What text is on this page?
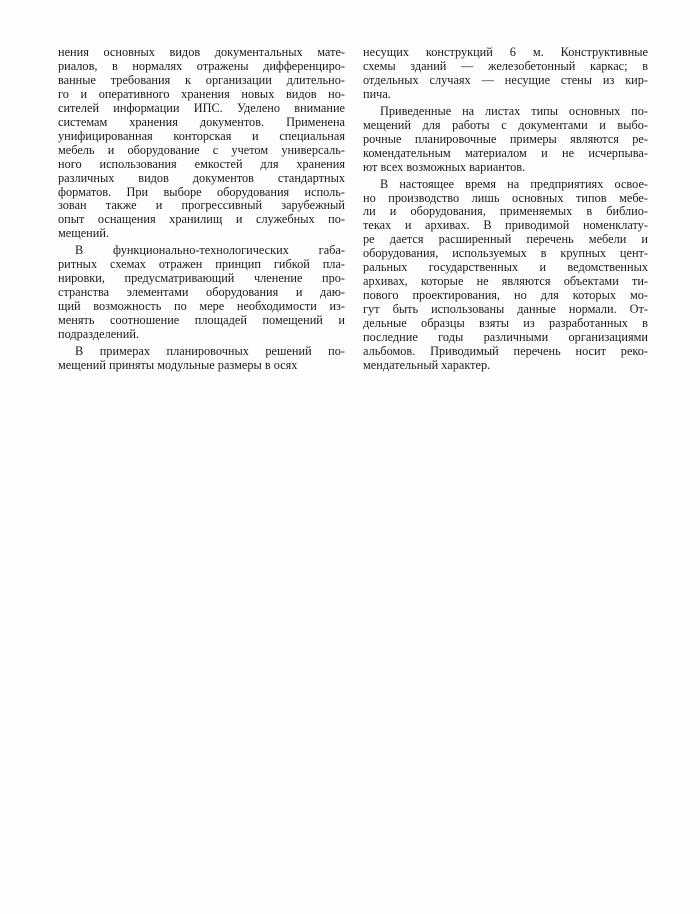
нения основных видов документальных мате-
риалов, в нормалях отражены дифференциро-
ванные требования к организации длительно-
го и оперативного хранения новых видов но-
сителей информации ИПС. Уделено внимание
системам хранения документов. Применена
унифицированная конторская и специальная
мебель и оборудование с учетом универсаль-
ного использования емкостей для хранения
различных видов документов стандартных
форматов. При выборе оборудования исполь-
зован также и прогрессивный зарубежный
опыт оснащения хранилищ и служебных по-
мещений.

В функционально-технологических габа-
ритных схемах отражен принцип гибкой пла-
нировки, предусматривающий членение про-
странства элементами оборудования и даю-
щий возможность по мере необходимости из-
менять соотношение площадей помещений и
подразделений.

В примерах планировочных решений по-
мещений приняты модульные размеры в осях

несущих конструкций 6 м. Конструктивные
схемы зданий — железобетонный каркас; в
отдельных случаях — несущие стены из кир-
пича.

Приведенные на листах типы основных по-
мещений для работы с документами и выбо-
рочные планировочные примеры являются ре-
комендательным материалом и не исчерпыва-
ют всех возможных вариантов.

В настоящее время на предприятиях освое-
но производство лишь основных типов мебе-
ли и оборудования, применяемых в библио-
теках и архивах. В приводимой номенклату-
ре дается расширенный перечень мебели и
оборудования, используемых в крупных цент-
ральных государственных и ведомственных
архивах, которые не являются объектами ти-
пового проектирования, но для которых мо-
гут быть использованы данные нормали. От-
дельные образцы взяты из разработанных в
последние годы различными организациями
альбомов. Приводимый перечень носит реко-
мендательный характер.
